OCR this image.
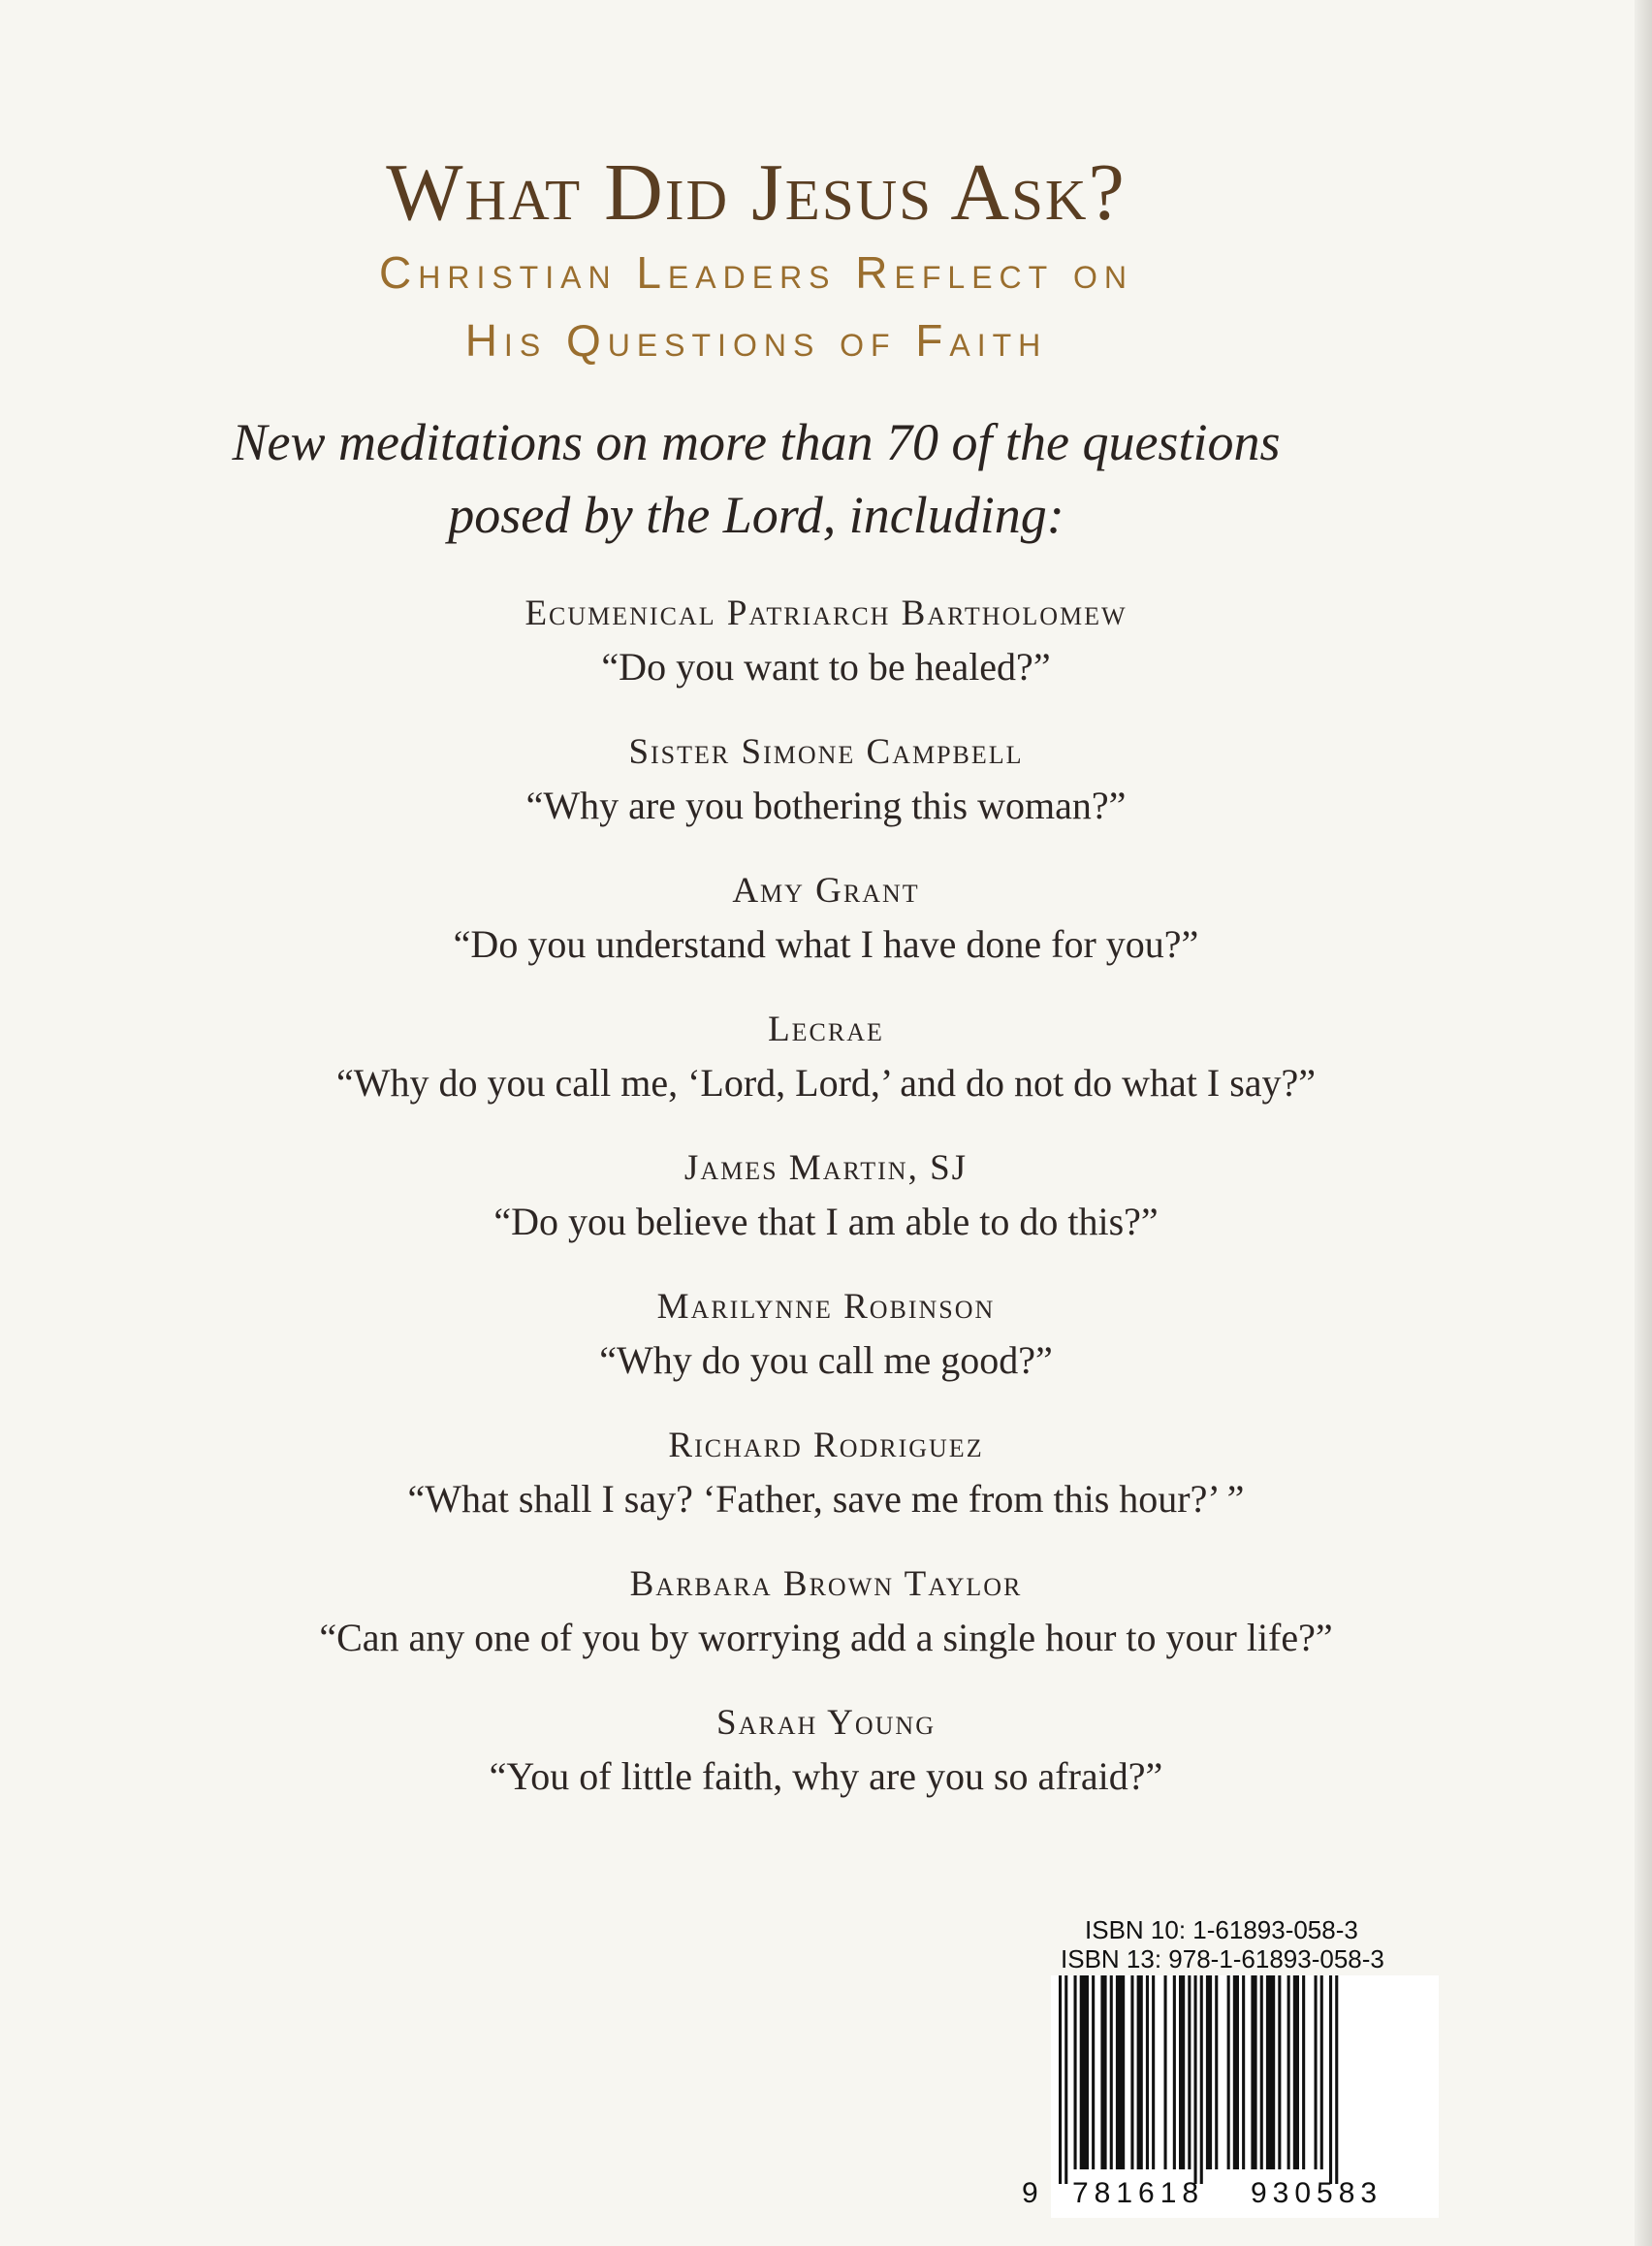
What Did Jesus Ask?
Christian Leaders Reflect on
His Questions of Faith
New meditations on more than 70 of the questions
posed by the Lord, including:
Ecumenical Patriarch Bartholomew
“Do you want to be healed?”
Sister Simone Campbell
“Why are you bothering this woman?”
Amy Grant
“Do you understand what I have done for you?”
Lecrae
“Why do you call me, ‘Lord, Lord,’ and do not do what I say?”
James Martin, SJ
“Do you believe that I am able to do this?”
Marilynne Robinson
“Why do you call me good?”
Richard Rodriguez
“What shall I say? ‘Father, save me from this hour?’ ”
Barbara Brown Taylor
“Can any one of you by worrying add a single hour to your life?”
Sarah Young
“You of little faith, why are you so afraid?”
ISBN 10: 1-61893-058-3
ISBN 13: 978-1-61893-058-3
9 781618 930583
